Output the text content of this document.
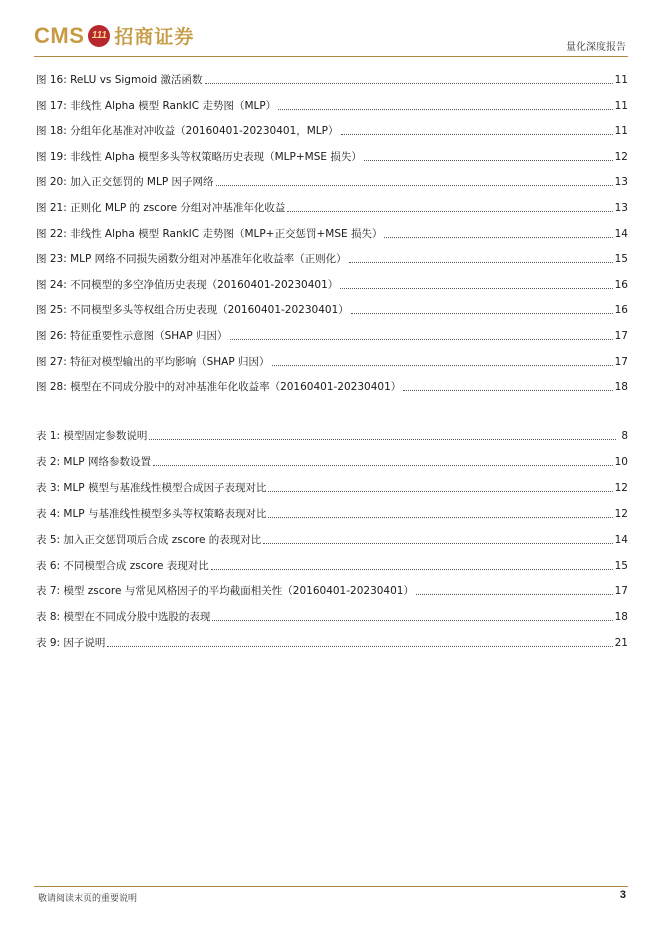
CMS 111 招商证券	量化深度报告
图 16: ReLU vs Sigmoid 激活函数	11
图 17: 非线性 Alpha 模型 RankIC 走势图（MLP）	11
图 18: 分组年化基准对冲收益（20160401-20230401，MLP）	11
图 19: 非线性 Alpha 模型多头等权策略历史表现（MLP+MSE 损失）	12
图 20: 加入正交惩罚的 MLP 因子网络	13
图 21: 正则化 MLP 的 zscore 分组对冲基准年化收益	13
图 22: 非线性 Alpha 模型 RankIC 走势图（MLP+正交惩罚+MSE 损失）	14
图 23: MLP 网络不同损失函数分组对冲基准年化收益率（正则化）	15
图 24: 不同模型的多空净值历史表现（20160401-20230401）	16
图 25: 不同模型多头等权组合历史表现（20160401-20230401）	16
图 26: 特征重要性示意图（SHAP 归因）	17
图 27: 特征对模型输出的平均影响（SHAP 归因）	17
图 28: 模型在不同成分股中的对冲基准年化收益率（20160401-20230401）	18
表 1: 模型固定参数说明	8
表 2: MLP 网络参数设置	10
表 3: MLP 模型与基准线性模型合成因子表现对比	12
表 4: MLP 与基准线性模型多头等权策略表现对比	12
表 5: 加入正交惩罚项后合成 zscore 的表现对比	14
表 6: 不同模型合成 zscore 表现对比	15
表 7: 模型 zscore 与常见风格因子的平均截面相关性（20160401-20230401）	17
表 8: 模型在不同成分股中选股的表现	18
表 9: 因子说明	21
敬请阅读末页的重要说明	3
